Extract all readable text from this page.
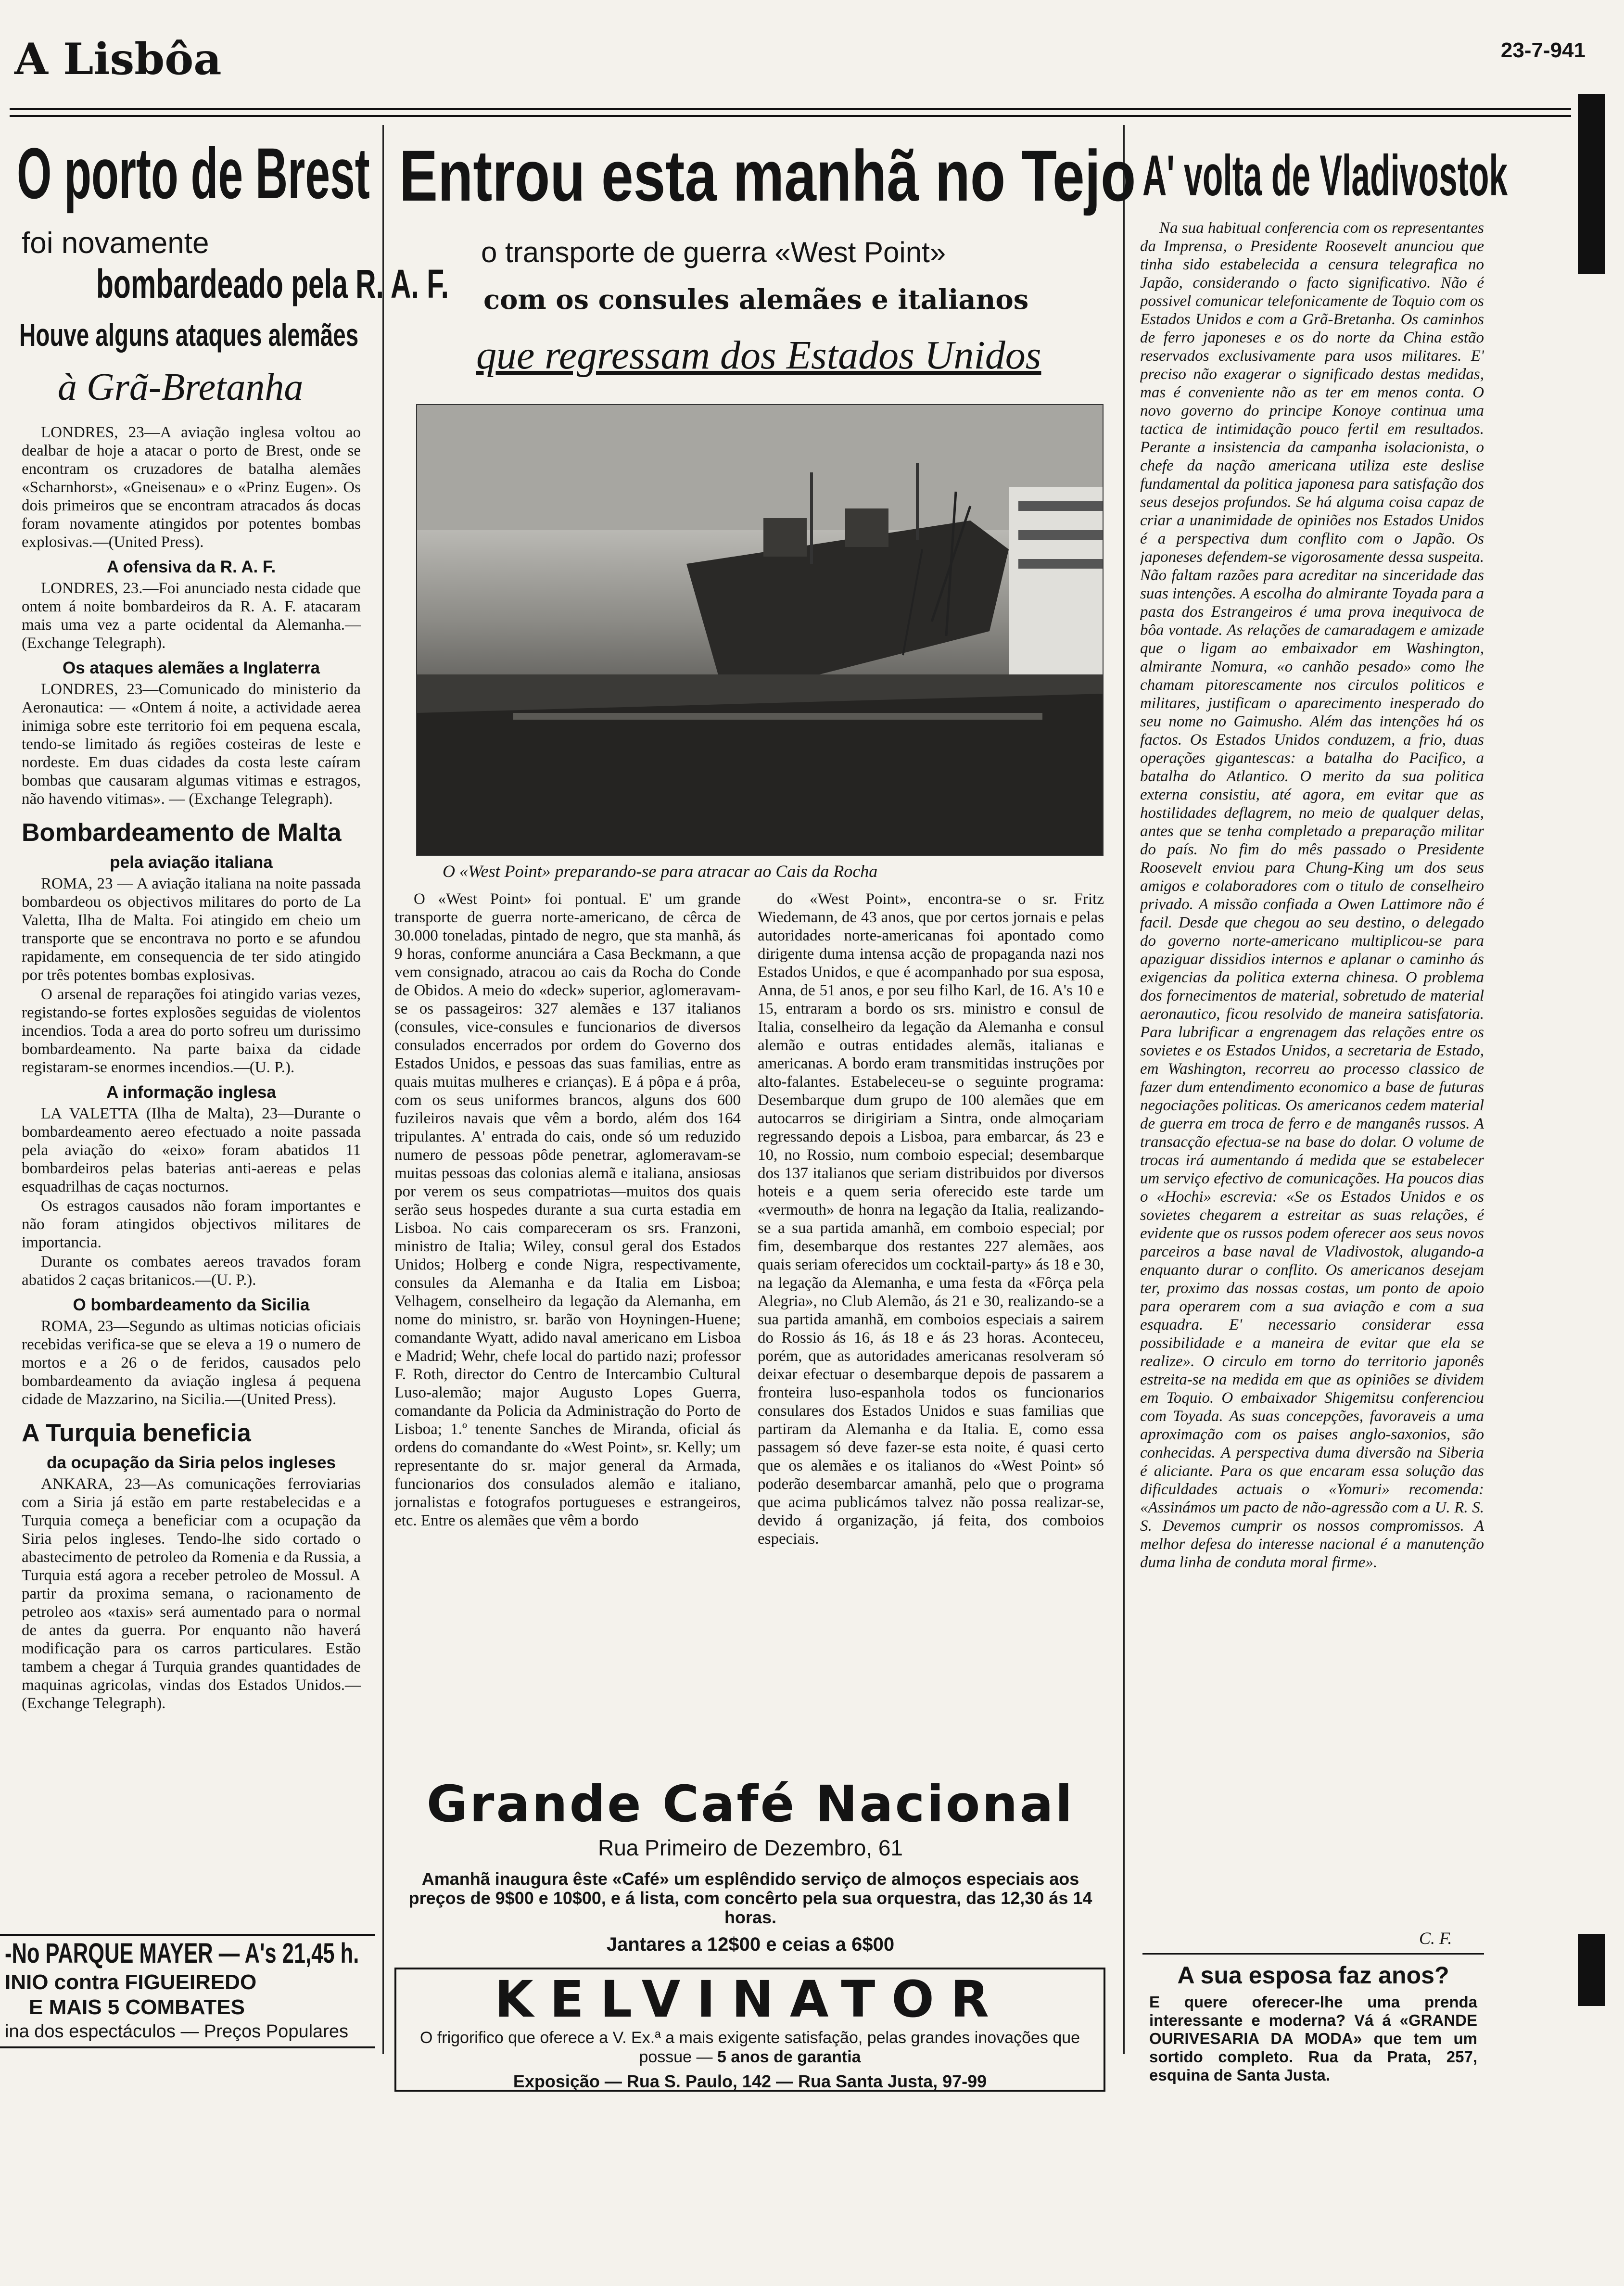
A Lisbôa	23-7-941
O porto de Brest
foi novamente
bombardeado pela R. A. F.
Houve alguns ataques alemães
à Grã-Bretanha

LONDRES, 23—A aviação inglesa voltou ao dealbar de hoje a atacar o porto de Brest, onde se encontram os cruzadores de batalha alemães «Scharnhorst», «Gneisenau» e o «Prinz Eugen». Os dois primeiros que se encontram atracados ás docas foram novamente atingidos por potentes bombas explosivas.—(United Press).

A ofensiva da R. A. F.

LONDRES, 23.—Foi anunciado nesta cidade que ontem á noite bombardeiros da R. A. F. atacaram mais uma vez a parte ocidental da Alemanha.—(Exchange Telegraph).

Os ataques alemães a Inglaterra

LONDRES, 23—Comunicado do ministerio da Aeronautica: — «Ontem á noite, a actividade aerea inimiga sobre este territorio foi em pequena escala, tendo-se limitado ás regiões costeiras de leste e nordeste. Em duas cidades da costa leste caíram bombas que causaram algumas vitimas e estragos, não havendo vitimas». — (Exchange Telegraph).

Bombardeamento de Malta
pela aviação italiana

ROMA, 23 — A aviação italiana na noite passada bombardeou os objectivos militares do porto de La Valetta, Ilha de Malta. Foi atingido em cheio um transporte que se encontrava no porto e se afundou rapidamente, em consequencia de ter sido atingido por três potentes bombas explosivas.

O arsenal de reparações foi atingido varias vezes, registando-se fortes explosões seguidas de violentos incendios. Toda a area do porto sofreu um durissimo bombardeamento. Na parte baixa da cidade registaram-se enormes incendios.—(U. P.).

A informação inglesa

LA VALETTA (Ilha de Malta), 23—Durante o bombardeamento aereo efectuado a noite passada pela aviação do «eixo» foram abatidos 11 bombardeiros pelas baterias anti-aereas e pelas esquadrilhas de caças nocturnos.

Os estragos causados não foram importantes e não foram atingidos objectivos militares de importancia.

Durante os combates aereos travados foram abatidos 2 caças britanicos.—(U. P.).

O bombardeamento da Sicilia

ROMA, 23—Segundo as ultimas noticias oficiais recebidas verifica-se que se eleva a 19 o numero de mortos e a 26 o de feridos, causados pelo bombardeamento da aviação inglesa á pequena cidade de Mazzarino, na Sicilia.—(United Press).

A Turquia beneficia
da ocupação da Siria pelos ingleses

ANKARA, 23—As comunicações ferroviarias com a Siria já estão em parte restabelecidas e a Turquia começa a beneficiar com a ocupação da Siria pelos ingleses. Tendo-lhe sido cortado o abastecimento de petroleo da Romenia e da Russia, a Turquia está agora a receber petroleo de Mossul. A partir da proxima semana, o racionamento de petroleo aos «taxis» será aumentado para o normal de antes da guerra. Por enquanto não haverá modificação para os carros particulares. Estão tambem a chegar á Turquia grandes quantidades de maquinas agricolas, vindas dos Estados Unidos.—(Exchange Telegraph).

-No PARQUE MAYER — A's 21,45 h.
INIO contra FIGUEIREDO
E MAIS 5 COMBATES
ina dos espectáculos — Preços Populares
Entrou esta manhã no Tejo
o transporte de guerra «West Point»
com os consules alemães e italianos
que regressam dos Estados Unidos
O «West Point» preparando-se para atracar ao Cais da Rocha

O «West Point» foi pontual. E' um grande transporte de guerra norte-americano, de cêrca de 30.000 toneladas, pintado de negro, que sta manhã, ás 9 horas, conforme anunciára a Casa Beckmann, a que vem consignado, atracou ao cais da Rocha do Conde de Obidos. A meio do «deck» superior, aglomeravam-se os passageiros: 327 alemães e 137 italianos (consules, vice-consules e funcionarios de diversos consulados encerrados por ordem do Governo dos Estados Unidos, e pessoas das suas familias, entre as quais muitas mulheres e crianças). E á pôpa e á prôa, com os seus uniformes brancos, alguns dos 600 fuzileiros navais que vêm a bordo, além dos 164 tripulantes. A' entrada do cais, onde só um reduzido numero de pessoas pôde penetrar, aglomeravam-se muitas pessoas das colonias alemã e italiana, ansiosas por verem os seus compatriotas—muitos dos quais serão seus hospedes durante a sua curta estadia em Lisboa. No cais compareceram os srs. Franzoni, ministro de Italia; Wiley, consul geral dos Estados Unidos; Holberg e conde Nigra, respectivamente, consules da Alemanha e da Italia em Lisboa; Velhagem, conselheiro da legação da Alemanha, em nome do ministro, sr. barão von Hoyningen-Huene; comandante Wyatt, adido naval americano em Lisboa e Madrid; Wehr, chefe local do partido nazi; professor F. Roth, director do Centro de Intercambio Cultural Luso-alemão; major Augusto Lopes Guerra, comandante da Policia da Administração do Porto de Lisboa; 1.º tenente Sanches de Miranda, oficial ás ordens do comandante do «West Point», sr. Kelly; um representante do sr. major general da Armada, funcionarios dos consulados alemão e italiano, jornalistas e fotografos portugueses e estrangeiros, etc. Entre os alemães que vêm a bordo

do «West Point», encontra-se o sr. Fritz Wiedemann, de 43 anos, que por certos jornais e pelas autoridades norte-americanas foi apontado como dirigente duma intensa acção de propaganda nazi nos Estados Unidos, e que é acompanhado por sua esposa, Anna, de 51 anos, e por seu filho Karl, de 16. A's 10 e 15, entraram a bordo os srs. ministro e consul de Italia, conselheiro da legação da Alemanha e consul alemão e outras entidades alemãs, italianas e americanas. A bordo eram transmitidas instruções por alto-falantes. Estabeleceu-se o seguinte programa: Desembarque dum grupo de 100 alemães que em autocarros se dirigiriam a Sintra, onde almoçariam regressando depois a Lisboa, para embarcar, ás 23 e 10, no Rossio, num comboio especial; desembarque dos 137 italianos que seriam distribuidos por diversos hoteis e a quem seria oferecido este tarde um «vermouth» de honra na legação da Italia, realizando-se a sua partida amanhã, em comboio especial; por fim, desembarque dos restantes 227 alemães, aos quais seriam oferecidos um cocktail-party» ás 18 e 30, na legação da Alemanha, e uma festa da «Fôrça pela Alegria», no Club Alemão, ás 21 e 30, realizando-se a sua partida amanhã, em comboios especiais a sairem do Rossio ás 16, ás 18 e ás 23 horas. Aconteceu, porém, que as autoridades americanas resolveram só deixar efectuar o desembarque depois de passarem a fronteira luso-espanhola todos os funcionarios consulares dos Estados Unidos e suas familias que partiram da Alemanha e da Italia. E, como essa passagem só deve fazer-se esta noite, é quasi certo que os alemães e os italianos do «West Point» só poderão desembarcar amanhã, pelo que o programa que acima publicámos talvez não possa realizar-se, devido á organização, já feita, dos comboios especiais.

Grande Café Nacional
Rua Primeiro de Dezembro, 61
Amanhã inaugura êste «Café» um esplêndido serviço de almoços especiais aos preços de 9$00 e 10$00, e á lista, com concêrto pela sua orquestra, das 12,30 ás 14 horas.
Jantares a 12$00 e ceias a 6$00
KELVINATOR
O frigorifico que oferece a V. Ex.ª a mais exigente satisfação, pelas grandes inovações que possue — 5 anos de garantia
Exposição — Rua S. Paulo, 142 — Rua Santa Justa, 97-99
A' volta de Vladivostok

Na sua habitual conferencia com os representantes da Imprensa, o Presidente Roosevelt anunciou que tinha sido estabelecida a censura telegrafica no Japão, considerando o facto significativo. Não é possivel comunicar telefonicamente de Toquio com os Estados Unidos e com a Grã-Bretanha. Os caminhos de ferro japoneses e os do norte da China estão reservados exclusivamente para usos militares. E' preciso não exagerar o significado destas medidas, mas é conveniente não as ter em menos conta. O novo governo do principe Konoye continua uma tactica de intimidação pouco fertil em resultados. Perante a insistencia da campanha isolacionista, o chefe da nação americana utiliza este deslise fundamental da politica japonesa para satisfação dos seus desejos profundos. Se há alguma coisa capaz de criar a unanimidade de opiniões nos Estados Unidos é a perspectiva dum conflito com o Japão. Os japoneses defendem-se vigorosamente dessa suspeita. Não faltam razões para acreditar na sinceridade das suas intenções. A escolha do almirante Toyada para a pasta dos Estrangeiros é uma prova inequivoca de bôa vontade. As relações de camaradagem e amizade que o ligam ao embaixador em Washington, almirante Nomura, «o canhão pesado» como lhe chamam pitorescamente nos circulos politicos e militares, justificam o aparecimento inesperado do seu nome no Gaimusho. Além das intenções há os factos. Os Estados Unidos conduzem, a frio, duas operações gigantescas: a batalha do Pacifico, a batalha do Atlantico. O merito da sua politica externa consistiu, até agora, em evitar que as hostilidades deflagrem, no meio de qualquer delas, antes que se tenha completado a preparação militar do país. No fim do mês passado o Presidente Roosevelt enviou para Chung-King um dos seus amigos e colaboradores com o titulo de conselheiro privado. A missão confiada a Owen Lattimore não é facil. Desde que chegou ao seu destino, o delegado do governo norte-americano multiplicou-se para apaziguar dissidios internos e aplanar o caminho ás exigencias da politica externa chinesa. O problema dos fornecimentos de material, sobretudo de material aeronautico, ficou resolvido de maneira satisfatoria. Para lubrificar a engrenagem das relações entre os sovietes e os Estados Unidos, a secretaria de Estado, em Washington, recorreu ao processo classico de fazer dum entendimento economico a base de futuras negociações politicas. Os americanos cedem material de guerra em troca de ferro e de manganês russos. A transacção efectua-se na base do dolar. O volume de trocas irá aumentando á medida que se estabelecer um serviço efectivo de comunicações. Ha poucos dias o «Hochi» escrevia: «Se os Estados Unidos e os sovietes chegarem a estreitar as suas relações, é evidente que os russos podem oferecer aos seus novos parceiros a base naval de Vladivostok, alugando-a enquanto durar o conflito. Os americanos desejam ter, proximo das nossas costas, um ponto de apoio para operarem com a sua aviação e com a sua esquadra. E' necessario considerar essa possibilidade e a maneira de evitar que ela se realize». O circulo em torno do territorio japonês estreita-se na medida em que as opiniões se dividem em Toquio. O embaixador Shigemitsu conferenciou com Toyada. As suas concepções, favoraveis a uma aproximação com os paises anglo-saxonios, são conhecidas. A perspectiva duma diversão na Siberia é aliciante. Para os que encaram essa solução das dificuldades actuais o «Yomuri» recomenda: «Assinámos um pacto de não-agressão com a U. R. S. S. Devemos cumprir os nossos compromissos. A melhor defesa do interesse nacional é a manutenção duma linha de conduta moral firme».

C. F.
A sua esposa faz anos?
E quere oferecer-lhe uma prenda interessante e moderna? Vá á «GRANDE OURIVESARIA DA MODA» que tem um sortido completo. Rua da Prata, 257, esquina de Santa Justa.
